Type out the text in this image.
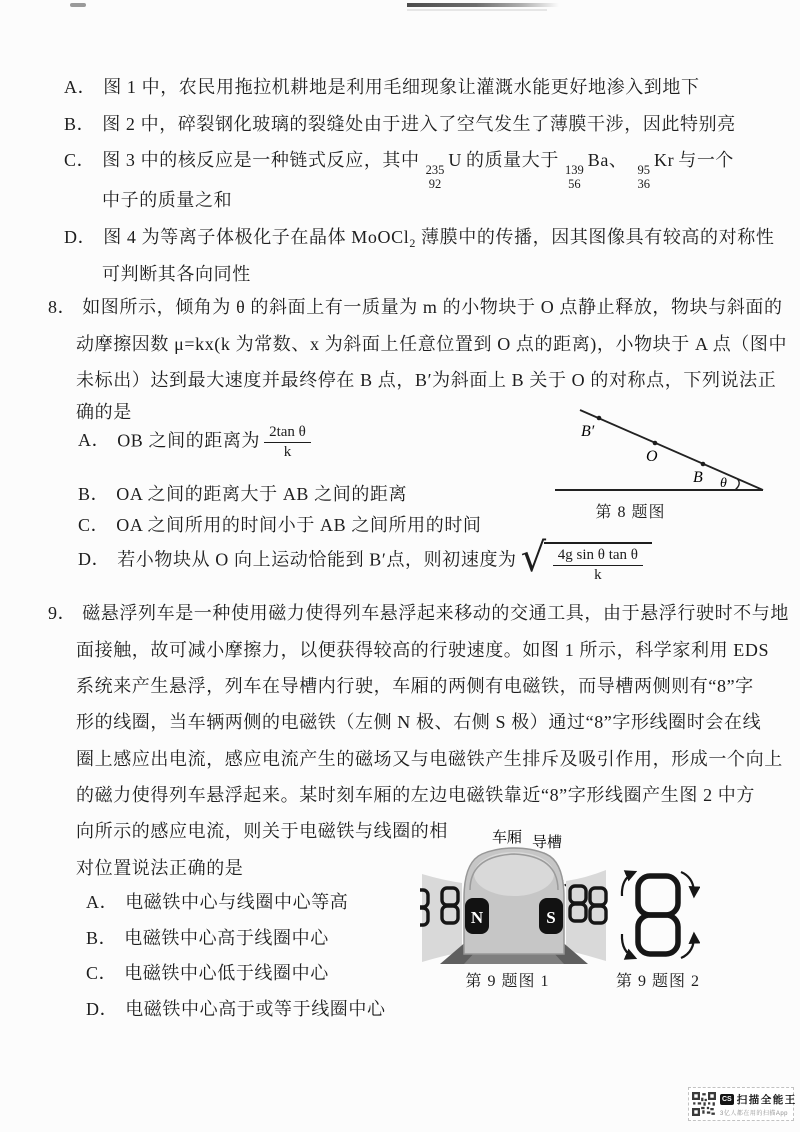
A． 图 1 中，农民用拖拉机耕地是利用毛细现象让灌溉水能更好地渗入到地下
B． 图 2 中，碎裂钢化玻璃的裂缝处由于进入了空气发生了薄膜干涉，因此特别亮
C． 图 3 中的核反应是一种链式反应，其中 235
92
U 的质量大于 139
56
Ba、 95
36
Kr 与一个
中子的质量之和
D． 图 4 为等离子体极化子在晶体 MoOCl$_2$ 薄膜中的传播，因其图像具有较高的对称性
可判断其各向同性
8． 如图所示，倾角为 θ 的斜面上有一质量为 m 的小物块于 O 点静止释放，物块与斜面的
动摩擦因数 μ=kx(k 为常数、x 为斜面上任意位置到 O 点的距离)，小物块于 A 点（图中
未标出）达到最大速度并最终停在 B 点，B′为斜面上 B 关于 O 的对称点，下列说法正
确的是
A． OB 之间的距离为 $\frac{\text{2tan θ}}{k}$
B． OA 之间的距离大于 AB 之间的距离
C． OA 之间所用的时间小于 AB 之间所用的时间
D． 若小物块从 O 向上运动恰能到 B′点，则初速度为 √ $\frac{\text{4g sin θ tan θ}}{k}$
B′
O
B θ
第 8 题图
9． 磁悬浮列车是一种使用磁力使得列车悬浮起来移动的交通工具，由于悬浮行驶时不与地
面接触，故可减小摩擦力，以便获得较高的行驶速度。如图 1 所示，科学家利用 EDS
系统来产生悬浮，列车在导槽内行驶，车厢的两侧有电磁铁，而导槽两侧则有“8”字
形的线圈，当车辆两侧的电磁铁（左侧 N 极、右侧 S 极）通过“8”字形线圈时会在线
圈上感应出电流，感应电流产生的磁场又与电磁铁产生排斥及吸引作用，形成一个向上
的磁力使得列车悬浮起来。某时刻车厢的左边电磁铁靠近“8”字形线圈产生图 2 中方
向所示的感应电流，则关于电磁铁与线圈的相
对位置说法正确的是
A． 电磁铁中心与线圈中心等高
B． 电磁铁中心高于线圈中心
C． 电磁铁中心低于线圈中心
D． 电磁铁中心高于或等于线圈中心
车厢 导槽
N	S
第 9 题图 1	第 9 题图 2
CS 扫描全能王
3亿人都在用的扫描App
